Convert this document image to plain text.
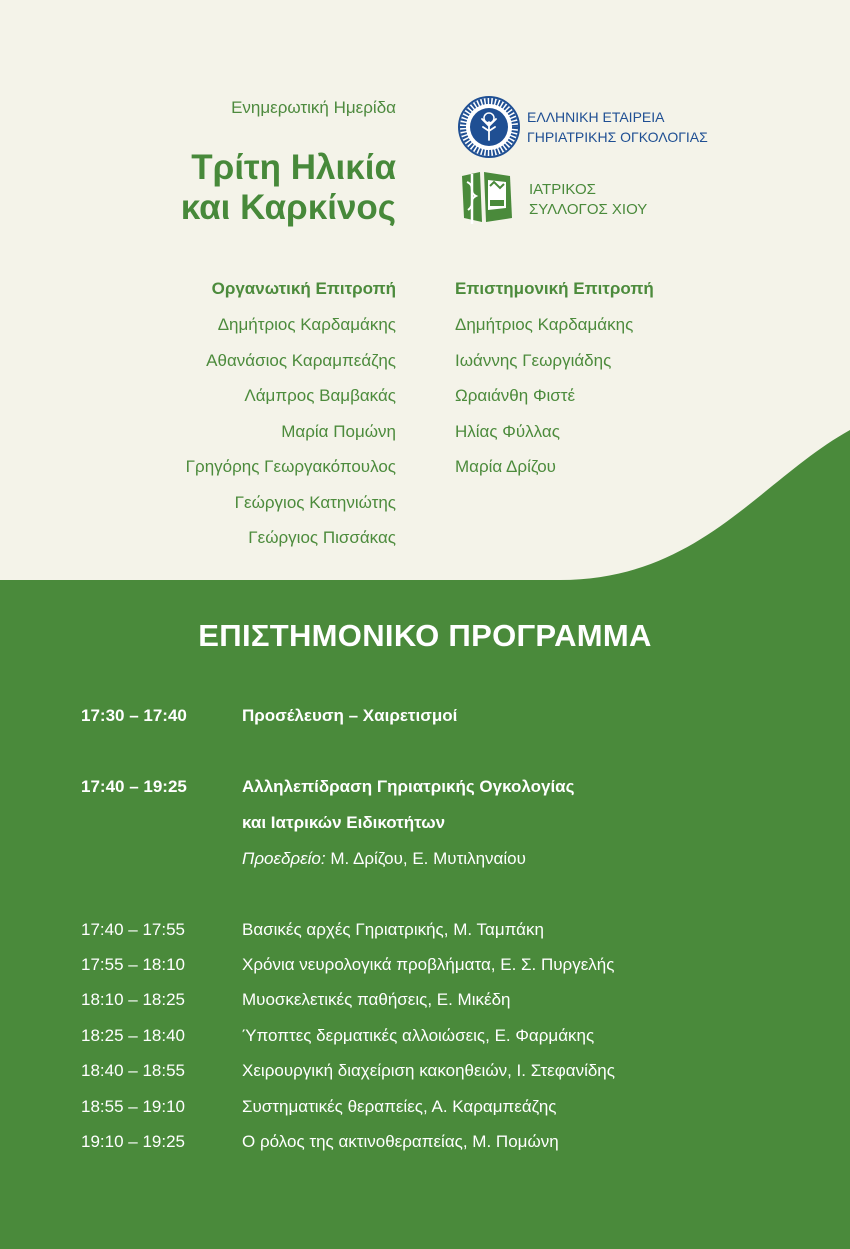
Ενημερωτική Ημερίδα
Τρίτη Ηλικία
και Καρκίνος
ΕΛΛΗΝΙΚΗ ΕΤΑΙΡΕΙΑ
ΓΗΡΙΑΤΡΙΚΗΣ ΟΓΚΟΛΟΓΙΑΣ
ΙΑΤΡΙΚΟΣ
ΣΥΛΛΟΓΟΣ ΧΙΟΥ
Οργανωτική Επιτροπή
Δημήτριος Καρδαμάκης
Αθανάσιος Καραμπεάζης
Λάμπρος Βαμβακάς
Μαρία Πομώνη
Γρηγόρης Γεωργακόπουλος
Γεώργιος Κατηνιώτης
Γεώργιος Πισσάκας
Επιστημονική Επιτροπή
Δημήτριος Καρδαμάκης
Ιωάννης Γεωργιάδης
Ωραιάνθη Φιστέ
Ηλίας Φύλλας
Μαρία Δρίζου
ΕΠΙΣΤΗΜΟΝΙΚΟ ΠΡΟΓΡΑΜΜΑ
17:30 – 17:40	Προσέλευση – Χαιρετισμοί
17:40 – 19:25	Αλληλεπίδραση Γηριατρικής Ογκολογίας
και Ιατρικών Ειδικοτήτων
Προεδρείο: Μ. Δρίζου, Ε. Μυτιληναίου
17:40 – 17:55	Βασικές αρχές Γηριατρικής, Μ. Ταμπάκη
17:55 – 18:10	Χρόνια νευρολογικά προβλήματα, Ε. Σ. Πυργελής
18:10 – 18:25	Μυοσκελετικές παθήσεις, Ε. Μικέδη
18:25 – 18:40	Ύποπτες δερματικές αλλοιώσεις, Ε. Φαρμάκης
18:40 – 18:55	Χειρουργική διαχείριση κακοηθειών, Ι. Στεφανίδης
18:55 – 19:10	Συστηματικές θεραπείες, Α. Καραμπεάζης
19:10 – 19:25	Ο ρόλος της ακτινοθεραπείας, Μ. Πομώνη
